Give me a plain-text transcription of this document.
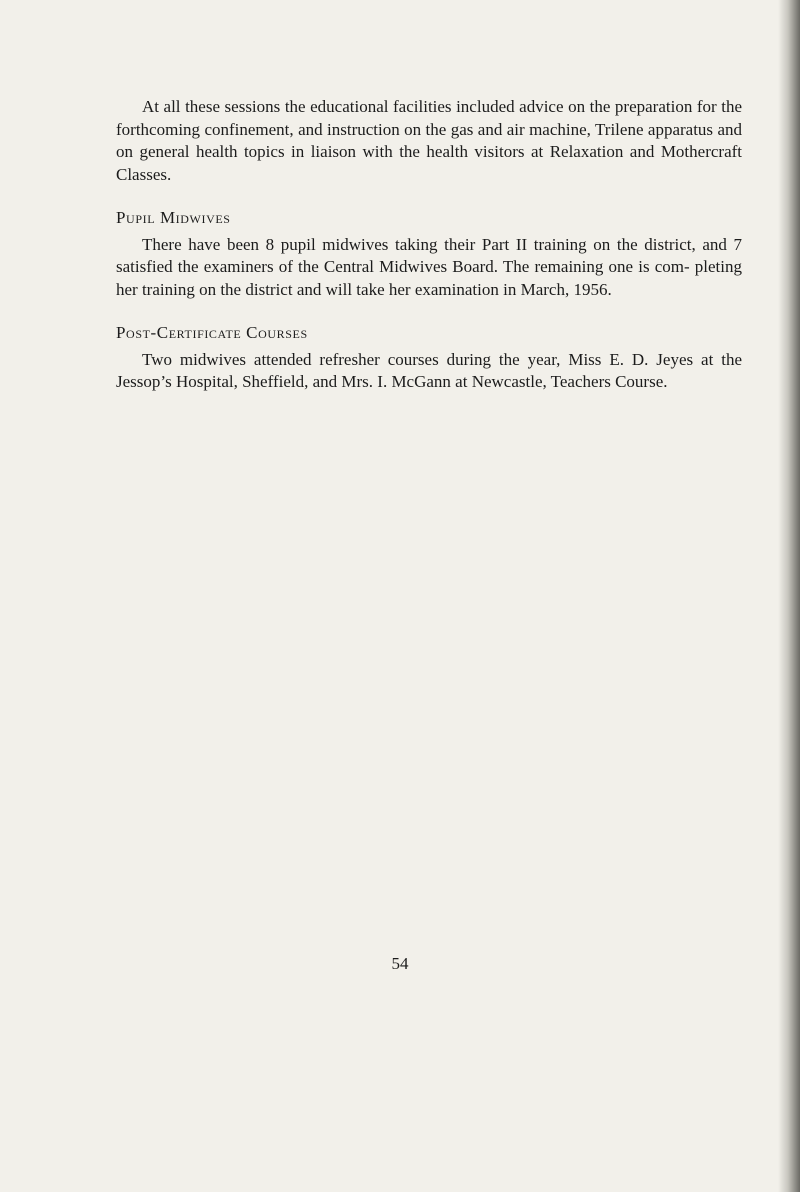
At all these sessions the educational facilities included advice on the preparation for the forthcoming confinement, and instruction on the gas and air machine, Trilene apparatus and on general health topics in liaison with the health visitors at Relaxation and Mothercraft Classes.

Pupil Midwives

There have been 8 pupil midwives taking their Part II training on the district, and 7 satisfied the examiners of the Central Midwives Board. The remaining one is com- pleting her training on the district and will take her examination in March, 1956.

Post-Certificate Courses

Two midwives attended refresher courses during the year, Miss E. D. Jeyes at the Jessop’s Hospital, Sheffield, and Mrs. I. McGann at Newcastle, Teachers Course.

54
